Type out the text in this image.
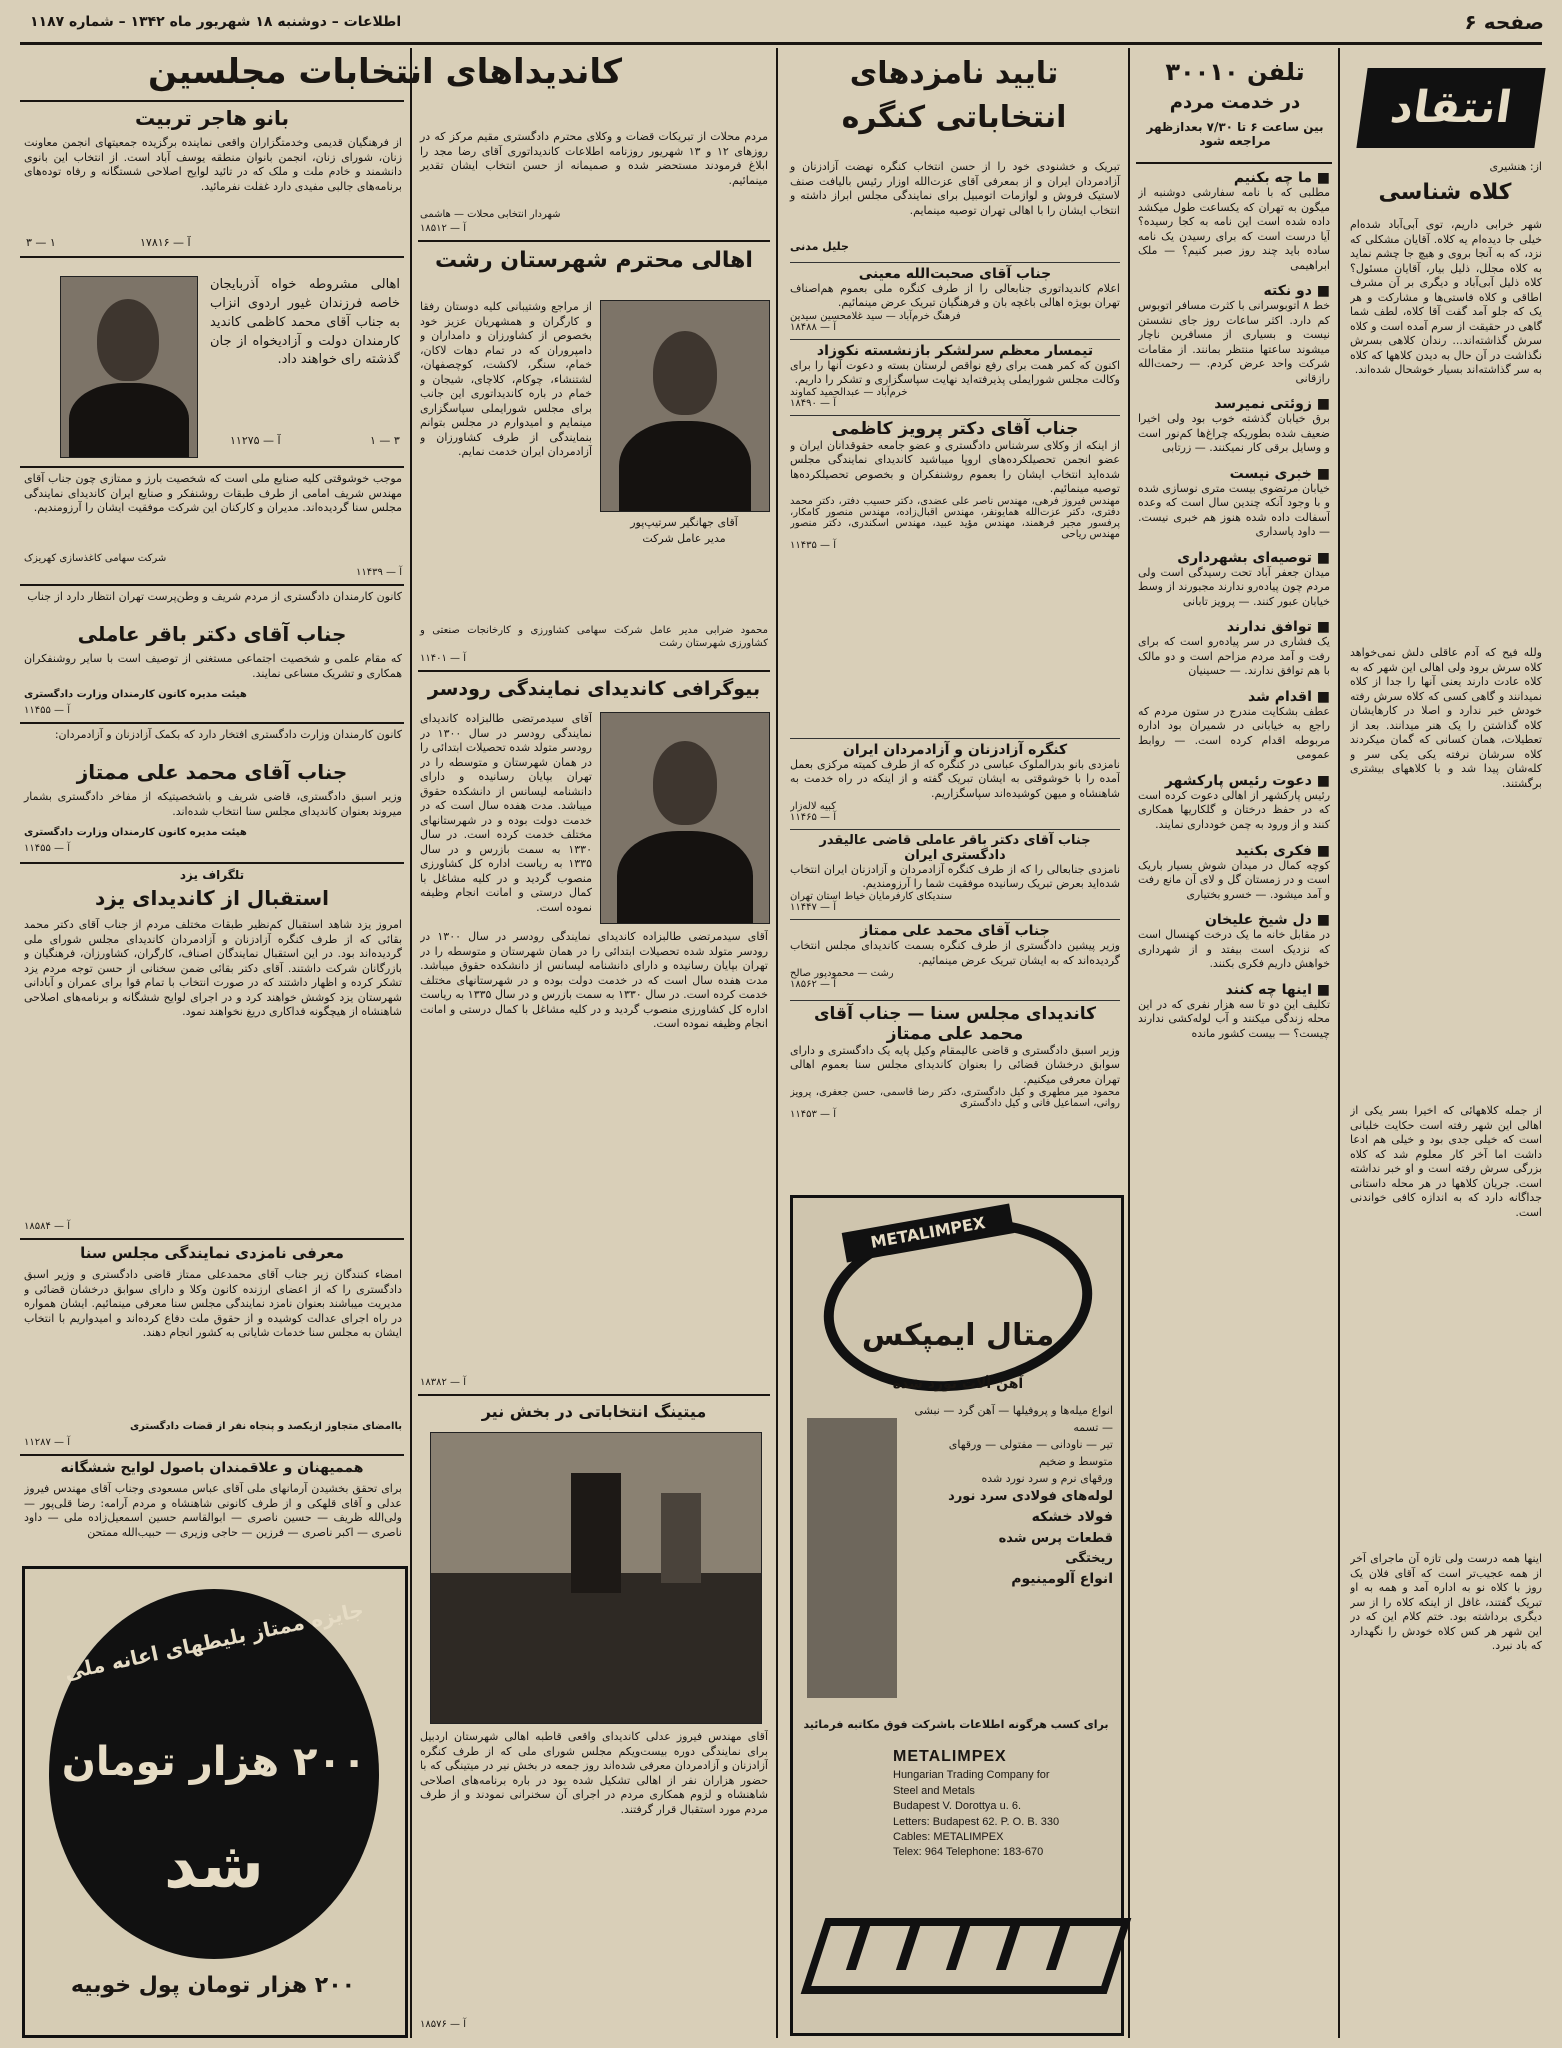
صفحه ۶
اطلاعات – دوشنبه ۱۸ شهریور ماه ۱۳۴۲ – شماره ۱۱۸۷
انتقاد
از: هنشیری
کلاه شناسی
شهر خرابی داریم، توی آبی‌آباد شده‌ام خیلی جا دیده‌ام یه کلاه. آقایان مشکلی که نزد، که به آنجا بروی و هیچ جا چشم نماید به کلاه مجلل، ذلیل بیار، آقایان مسئول؟ کلاه ذلیل آبی‌آباد و دیگری بر آن مشرف اطاقی و کلاه فاستی‌ها و مشارکت و هر یک که جلو آمد گفت آقا کلاه، لطف شما گاهی در حقیقت از سرم آمده است و کلاه سرش گذاشته‌اند... رندان کلاهی بسرش نگذاشت در آن حال به دیدن کلاهها که کلاه به سر گذاشته‌اند بسیار خوشحال شده‌اند.
ولله فیح که آدم عاقلی دلش نمی‌خواهد کلاه سرش برود ولی اهالی این شهر که به کلاه عادت دارند یعنی آنها را جدا از کلاه نمیدانند و گاهی کسی که کلاه سرش رفته خودش خبر ندارد و اصلا در کارهایشان کلاه گذاشتن را یک هنر میدانند. بعد از تعطیلات، همان کسانی که گمان میکردند کلاه سرشان نرفته یکی یکی سر و کله‌شان پیدا شد و با کلاههای بیشتری برگشتند.
از جمله کلاههائی که اخیرا بسر یکی از اهالی این شهر رفته است حکایت خلبانی است که خیلی جدی بود و خیلی هم ادعا داشت اما آخر کار معلوم شد که کلاه بزرگی سرش رفته است و او خبر نداشته است. جریان کلاهها در هر محله داستانی جداگانه دارد که به اندازه کافی خواندنی است.
اینها همه درست ولی تازه آن ماجرای آخر از همه عجیب‌تر است که آقای فلان یک روز با کلاه نو به اداره آمد و همه به او تبریک گفتند، غافل از اینکه کلاه را از سر دیگری برداشته بود. ختم کلام این که در این شهر هر کس کلاه خودش را نگهدارد که باد نبرد.
تلفن ۳۰۰۱۰
در خدمت مردم
بین ساعت ۶ تا ۷/۳۰ بعدازظهر مراجعه شود
■ ما چه بکنیم
مطلبی که با نامه سفارشی دوشنبه از میگون به تهران که یکساعت طول میکشد داده شده است این نامه به کجا رسیده؟ آیا درست است که برای رسیدن یک نامه ساده باید چند روز صبر کنیم؟ — ملک ابراهیمی
■ دو نکته
خط ۸ اتوبوسرانی با کثرت مسافر اتوبوس کم دارد. اکثر ساعات روز جای نشستن نیست و بسیاری از مسافرین ناچار میشوند ساعتها منتظر بمانند. از مقامات شرکت واحد عرض کردم. — رحمت‌الله رازقانی
■ زوئتی نمیرسد
برق خیابان گذشته خوب بود ولی اخیرا ضعیف شده بطوریکه چراغ‌ها کم‌نور است و وسایل برقی کار نمیکنند. — زرتابی
■ خبری نیست
خیابان مرتضوی بیست متری نوسازی شده و با وجود آنکه چندین سال است که وعده آسفالت داده شده هنوز هم خبری نیست. — داود پاسداری
■ توصیه‌ای بشهرداری
میدان جعفر آباد تحت رسیدگی است ولی مردم چون پیاده‌رو ندارند مجبورند از وسط خیابان عبور کنند. — پرویز تابانی
■ توافق ندارند
یک فشاری در سر پیاده‌رو است که برای رفت و آمد مردم مزاحم است و دو مالک با هم توافق ندارند. — حسینیان
■ اقدام شد
عطف بشکایت مندرج در ستون مردم که راجع به خیابانی در شمیران بود اداره مربوطه اقدام کرده است. — روابط عمومی
■ دعوت رئیس پارکشهر
رئیس پارکشهر از اهالی دعوت کرده است که در حفظ درختان و گلکاریها همکاری کنند و از ورود به چمن خودداری نمایند.
■ فکری بکنید
کوچه کمال در میدان شوش بسیار باریک است و در زمستان گل و لای آن مانع رفت و آمد میشود. — خسرو بختیاری
■ دل شیخ علیخان
در مقابل خانه ما یک درخت کهنسال است که نزدیک است بیفتد و از شهرداری خواهش داریم فکری بکنند.
■ اینها چه کنند
تکلیف این دو تا سه هزار نفری که در این محله زندگی میکنند و آب لوله‌کشی ندارند چیست؟ — بیست کشور مانده
تایید نامزدهای
انتخاباتی کنگره
تبریک و خشنودی خود را از حسن انتخاب کنگره نهضت آزادزنان و آزادمردان ایران و از بمعرفی آقای عزت‌الله اوزار رئیس بالیافت صنف لاستیک فروش و لوازمات اتومبیل برای نمایندگی مجلس ابراز داشته و انتخاب ایشان را با اهالی تهران توصیه مینمایم.
جلیل مدنی
جناب آقای صحبت‌الله معینی
اعلام کاندیداتوری جنابعالی را از طرف کنگره ملی بعموم هم‌اصناف تهران بویژه اهالی باغچه بان و فرهنگیان تبریک عرض مینمائیم.
فرهنگ خرم‌آباد — سید غلامحسین سیدین
آ — ۱۸۴۸۸
تیمسار معظم سرلشکر بازنشسته نکوزاد
اکنون که کمر همت برای رفع نواقص لرستان بسته و دعوت آنها را برای وکالت مجلس شورایملی پذیرفته‌اید نهایت سپاسگزاری و تشکر را داریم.
خرم‌آباد — عبدالحمید کماوند
آ — ۱۸۴۹۰
جناب آقای دکتر پرویز کاظمی
از اینکه از وکلای سرشناس دادگستری و عضو جامعه حقوقدانان ایران و عضو انجمن تحصیلکرده‌های اروپا میباشید کاندیدای نمایندگی مجلس شده‌اید انتخاب ایشان را بعموم روشنفکران و بخصوص تحصیلکرده‌ها توصیه مینمائیم.
مهندس فیروز فرهی، مهندس ناصر علی عضدی، دکتر حسیب دفتر، دکتر محمد دفتری، دکتر عزت‌الله همایونفر، مهندس اقبال‌زاده، مهندس منصور کامکار، پرفسور مجیر فرهمند، مهندس مؤید عبید، مهندس اسکندری، دکتر منصور مهندس ریاحی
آ — ۱۱۴۳۵
کنگره آزادزنان و آزادمردان ایران
نامزدی بانو بدرالملوک عباسی در کنگره که از طرف کمیته مرکزی بعمل آمده را با خوشوقتی به ایشان تبریک گفته و از اینکه در راه خدمت به شاهنشاه و میهن کوشیده‌اند سپاسگزاریم.
کبیه لاله‌زار
آ — ۱۱۴۶۵
جناب آقای دکتر باقر عاملی قاضی عالیقدر دادگستری ایران
نامزدی جنابعالی را که از طرف کنگره آزادمردان و آزادزنان ایران انتخاب شده‌اید بعرض تبریک رسانیده موفقیت شما را آرزومندیم.
سندیکای کارفرمایان خیاط استان تهران
آ — ۱۱۴۴۷
جناب آقای محمد علی ممتاز
وزیر پیشین دادگستری از طرف کنگره بسمت کاندیدای مجلس انتخاب گردیده‌اند که به ایشان تبریک عرض مینمائیم.
رشت — محمودپور صالح
آ — ۱۸۵۶۲
کاندیدای مجلس سنا — جناب آقای محمد علی ممتاز
وزیر اسبق دادگستری و قاضی عالیمقام وکیل پایه یک دادگستری و دارای سوابق درخشان قضائی را بعنوان کاندیدای مجلس سنا بعموم اهالی تهران معرفی میکنیم.
محمود میر مطهری و کیل دادگستری، دکتر رضا قاسمی، حسن جعفری، پرویز روانی، اسماعیل فانی و کیل دادگستری
آ — ۱۱۴۵۳
METALIMPEX
متال ایمپکس
آهن آلات نورد شده
انواع میله‌ها و پروفیلها — آهن گرد — نبشی — تسمه
تیر — ناودانی — مفتولی — ورقهای متوسط و ضخیم
ورقهای نرم و سرد نورد شده
لوله‌های فولادی سرد نورد
فولاد خشکه
قطعات پرس شده
ریختگی
انواع آلومینیوم
برای کسب هرگونه اطلاعات باشرکت فوق مکاتبه فرمائید
METALIMPEX
Hungarian Trading Company for
Steel and Metals
Budapest V. Dorottya u. 6.
Letters: Budapest 62. P. O. B. 330
Cables: METALIMPEX
Telex: 964 Telephone: 183-670
مردم محلات از تبریکات قضات و وکلای محترم دادگستری مقیم مرکز که در روزهای ۱۲ و ۱۳ شهریور روزنامه اطلاعات کاندیداتوری آقای رضا مجد را ابلاغ فرمودند مستحضر شده و صمیمانه از حسن انتخاب ایشان تقدیر مینمائیم.
شهردار انتخابی محلات — هاشمی
آ — ۱۸۵۱۲
اهالی محترم شهرستان رشت
از مراجع وشتیبانی کلیه دوستان رفقا و کارگران و همشهریان عزیز خود بخصوص از کشاورزان و دامداران و دامپروران که در تمام دهات لاکان، خمام، سنگر، لاکشت، کوچصفهان، لشتنشاء، چوکام، کلاچای، شیجان و خمام در باره کاندیداتوری این جانب برای مجلس شورایملی سپاسگزاری مینمایم و امیدوارم در مجلس بتوانم بنمایندگی از طرف کشاورزان و آزادمردان ایران خدمت نمایم.
آقای جهانگیر سرتیپ‌پور
مدیر عامل شرکت
محمود ضرابی مدیر عامل شرکت سهامی کشاورزی و کارخانجات صنعتی و کشاورزی شهرستان رشت
آ — ۱۱۴۰۱
بیوگرافی کاندیدای نمایندگی رودسر
آقای سیدمرتضی طالبزاده کاندیدای نمایندگی رودسر در سال ۱۳۰۰ در رودسر متولد شده تحصیلات ابتدائی را در همان شهرستان و متوسطه را در تهران بپایان رسانیده و دارای دانشنامه لیسانس از دانشکده حقوق میباشد. مدت هفده سال است که در خدمت دولت بوده و در شهرستانهای مختلف خدمت کرده است. در سال ۱۳۳۰ به سمت بازرس و در سال ۱۳۳۵ به ریاست اداره کل کشاورزی منصوب گردید و در کلیه مشاغل با کمال درستی و امانت انجام وظیفه نموده است.
آقای سیدمرتضی طالبزاده کاندیدای نمایندگی رودسر در سال ۱۳۰۰ در رودسر متولد شده تحصیلات ابتدائی را در همان شهرستان و متوسطه را در تهران بپایان رسانیده و دارای دانشنامه لیسانس از دانشکده حقوق میباشد. مدت هفده سال است که در خدمت دولت بوده و در شهرستانهای مختلف خدمت کرده است. در سال ۱۳۳۰ به سمت بازرس و در سال ۱۳۳۵ به ریاست اداره کل کشاورزی منصوب گردید و در کلیه مشاغل با کمال درستی و امانت انجام وظیفه نموده است.
آ — ۱۸۳۸۲
میتینگ انتخاباتی در بخش نیر
آقای مهندس فیروز عدلی کاندیدای واقعی قاطبه اهالی شهرستان اردبیل برای نمایندگی دوره بیست‌ویکم مجلس شورای ملی که از طرف کنگره آزادزنان و آزادمردان معرفی شده‌اند روز جمعه در بخش نیر در میتینگی که با حضور هزاران نفر از اهالی تشکیل شده بود در باره برنامه‌های اصلاحی شاهنشاه و لزوم همکاری مردم در اجرای آن سخنرانی نمودند و از طرف مردم مورد استقبال قرار گرفتند.
آ — ۱۸۵۷۶
کاندیداهای انتخابات مجلسین
بانو هاجر تربیت
از فرهنگیان قدیمی وخدمتگزاران واقعی نماینده برگزیده جمعیتهای انجمن معاونت زنان، شورای زنان، انجمن بانوان منطقه یوسف آباد است. از انتخاب این بانوی دانشمند و خادم ملت و ملک که در تائید لوایح اصلاحی شستگانه و رفاه توده‌های برنامه‌های جالبی مفیدی دارد غفلت نفرمائید.
آ — ۱۷۸۱۶
۱ — ۳
اهالی مشروطه خواه آذربایجان خاصه فرزندان غیور اردوی انزاب به جناب آقای محمد کاظمی کاندید کارمندان دولت و آزادیخواه از جان گذشته رای خواهند داد.
آ — ۱۱۲۷۵	۳ — ۱
موجب خوشوقتی کلیه صنایع ملی است که شخصیت بارز و ممتازی چون جناب آقای مهندس شریف امامی از طرف طبقات روشنفکر و صنایع ایران کاندیدای نمایندگی مجلس سنا گردیده‌اند. مدیران و کارکنان این شرکت موفقیت ایشان را آرزومندیم.
شرکت سهامی کاغذسازی کهریزک
آ — ۱۱۴۳۹
کانون کارمندان دادگستری از مردم شریف و وطن‌پرست تهران انتظار دارد از جناب
جناب آقای دکتر باقر عاملی
که مقام علمی و شخصیت اجتماعی مستغنی از توصیف است با سایر روشنفکران همکاری و تشریک مساعی نمایند.
هیئت مدیره کانون کارمندان وزارت دادگستری
آ — ۱۱۴۵۵
کانون کارمندان وزارت دادگستری افتخار دارد که بکمک آزادزنان و آزادمردان:
جناب آقای محمد علی ممتاز
وزیر اسبق دادگستری، قاضی شریف و باشخصیتیکه از مفاخر دادگستری بشمار میروند بعنوان کاندیدای مجلس سنا انتخاب شده‌اند.
هیئت مدیره کانون کارمندان وزارت دادگستری
آ — ۱۱۴۵۵
تلگراف یزد
استقبال از کاندیدای یزد
امروز یزد شاهد استقبال کم‌نظیر طبقات مختلف مردم از جناب آقای دکتر محمد بقائی که از طرف کنگره آزادزنان و آزادمردان کاندیدای مجلس شورای ملی گردیده‌اند بود. در این استقبال نمایندگان اصناف، کارگران، کشاورزان، فرهنگیان و بازرگانان شرکت داشتند. آقای دکتر بقائی ضمن سخنانی از حسن توجه مردم یزد تشکر کرده و اظهار داشتند که در صورت انتخاب با تمام قوا برای عمران و آبادانی شهرستان یزد کوشش خواهند کرد و در اجرای لوایح ششگانه و برنامه‌های اصلاحی شاهنشاه از هیچگونه فداکاری دریغ نخواهند نمود.
آ — ۱۸۵۸۴
معرفی نامزدی نمایندگی مجلس سنا
امضاء کنندگان زیر جناب آقای محمدعلی ممتاز قاضی دادگستری و وزیر اسبق دادگستری را که از اعضای ارزنده کانون وکلا و دارای سوابق درخشان قضائی و مدیریت میباشند بعنوان نامزد نمایندگی مجلس سنا معرفی مینمائیم. ایشان همواره در راه اجرای عدالت کوشیده و از حقوق ملت دفاع کرده‌اند و امیدواریم با انتخاب ایشان به مجلس سنا خدمات شایانی به کشور انجام دهند.
باامضای متجاوز ازیکصد و پنجاه نفر از قضات دادگستری
آ — ۱۱۲۸۷
هممیهنان و علاقمندان باصول لوایح ششگانه
برای تحقق بخشیدن آرمانهای ملی آقای عباس مسعودی وجناب آقای مهندس فیروز عدلی و آقای قلهکی و از طرف کانونی شاهنشاه و مردم آرامه: رضا قلی‌پور — ولی‌الله ظریف — حسین ناصری — ابوالقاسم حسین اسمعیل‌زاده ملی — داود ناصری — اکبر ناصری — فرزین — حاجی وزیری — حبیب‌الله ممتحن
جایزه ممتاز بلیطهای اعانه ملی
۲۰۰ هزار تومان
شد
۲۰۰ هزار تومان پول خوبیه
